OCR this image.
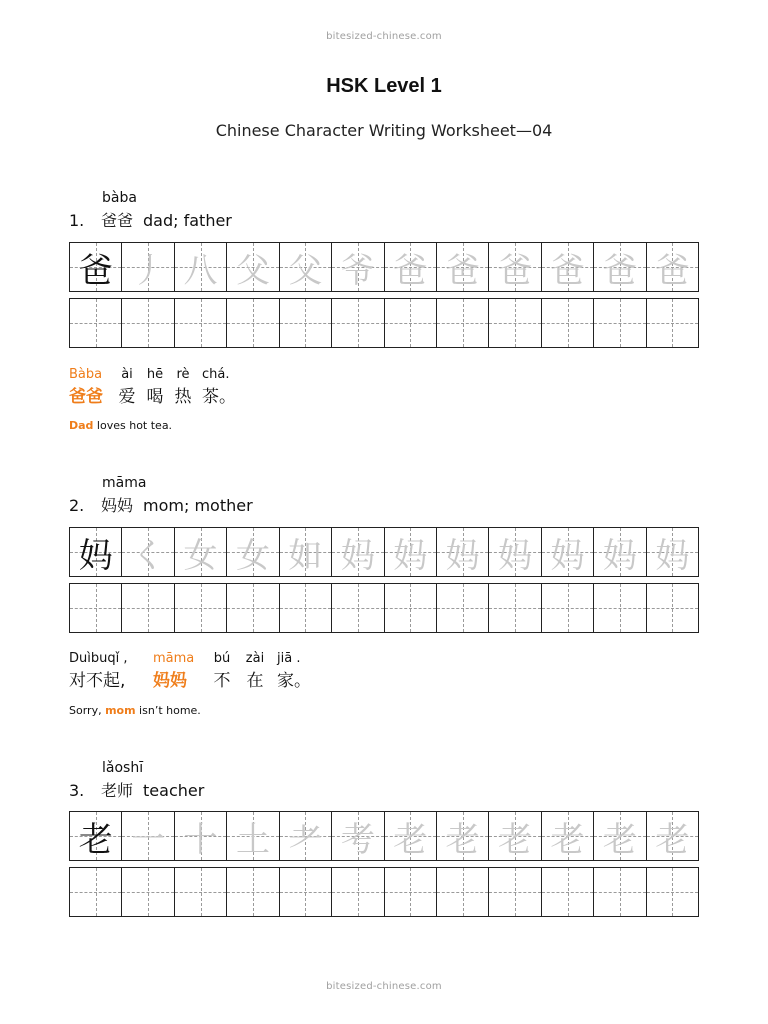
bitesized-chinese.com
HSK Level 1
Chinese Character Writing Worksheet—04
bàba
1. 爸爸 dad; father
爸 丿 八 父 父 爷 爸 爸 爸 爸 爸 爸
Bàba ài hē rè chá.
爸爸 爱 喝 热 茶。
Dad loves hot tea.
māma
2. 妈妈 mom; mother
妈 く 女 女 如 妈 妈 妈 妈 妈 妈 妈
Duìbuqǐ , māma bú zài jiā .
对不起, 妈妈 不 在 家。
Sorry, mom isn’t home.
lǎoshī
3. 老师 teacher
老 一 十 土 耂 考 老 老 老 老 老 老
bitesized-chinese.com
